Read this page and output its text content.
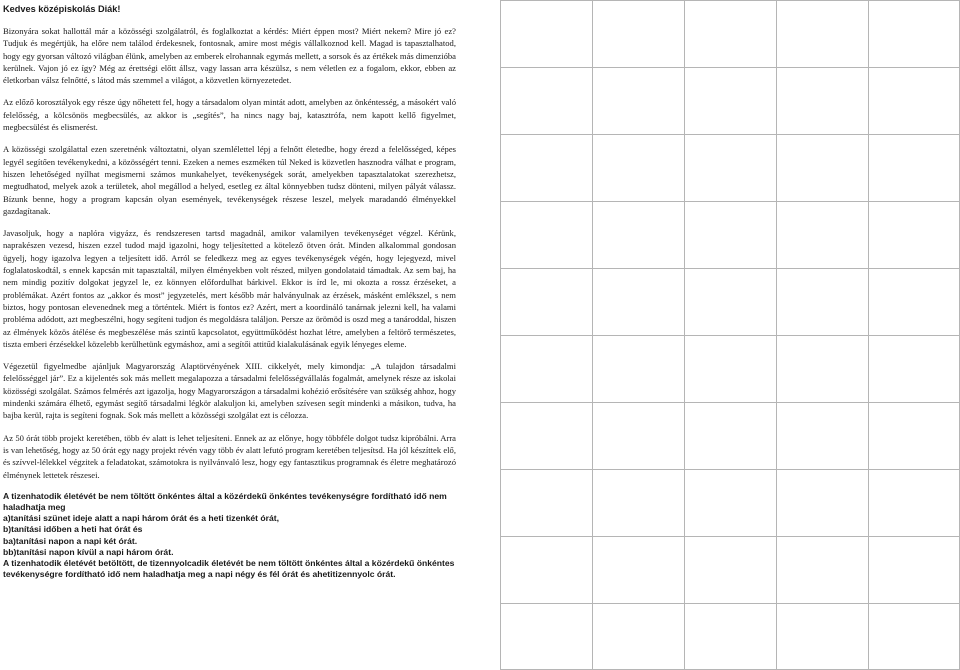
Kedves középiskolás Diák!

Bizonyára sokat hallottál már a közösségi szolgálatról, és foglalkoztat a kérdés: Miért éppen most? Miért nekem? Mire jó ez? Tudjuk és megértjük, ha előre nem találod érdekesnek, fontosnak, amire most mégis vállalkoznod kell. Magad is tapasztalhatod, hogy egy gyorsan változó világban élünk, amelyben az emberek elrohannak egymás mellett, a sorsok és az értékek más dimenzióba kerülnek. Vajon jó ez így? Még az érettségi előtt állsz, vagy lassan arra készülsz, s nem véletlen ez a fogalom, ekkor, ebben az életkorban válsz felnőtté, s látod más szemmel a világot, a közvetlen környezetedet.

Az előző korosztályok egy része úgy nőhetett fel, hogy a társadalom olyan mintát adott, amelyben az önkéntesség, a másokért való felelősség, a kölcsönös megbecsülés, az akkor is „segítés”, ha nincs nagy baj, katasztrófa, nem kapott kellő figyelmet, megbecsülést és elismerést.

A közösségi szolgálattal ezen szeretnénk változtatni, olyan szemlélettel lépj a felnőtt életedbe, hogy érezd a felelősséged, képes legyél segítően tevékenykedni, a közösségért tenni. Ezeken a nemes eszméken túl Neked is közvetlen hasznodra válhat e program, hiszen lehetőséged nyílhat megismerni számos munkahelyet, tevékenységek sorát, amelyekben tapasztalatokat szerezhetsz, megtudhatod, melyek azok a területek, ahol megállod a helyed, esetleg ez által könnyebben tudsz dönteni, milyen pályát válassz. Bízunk benne, hogy a program kapcsán olyan események, tevékenységek részese leszel, melyek maradandó élményekkel gazdagítanak.

Javasoljuk, hogy a naplóra vigyázz, és rendszeresen tartsd magadnál, amikor valamilyen tevékenységet végzel. Kérünk, naprakészen vezesd, hiszen ezzel tudod majd igazolni, hogy teljesítetted a kötelező ötven órát. Minden alkalommal gondosan ügyelj, hogy igazolva legyen a teljesített idő. Arról se feledkezz meg az egyes tevékenységek végén, hogy lejegyezd, mivel foglalatoskodtál, s ennek kapcsán mit tapasztaltál, milyen élményekben volt részed, milyen gondolataid támadtak. Az sem baj, ha nem mindig pozitív dolgokat jegyzel le, ez könnyen előfordulhat bárkivel. Ekkor is írd le, mi okozta a rossz érzéseket, a problémákat. Azért fontos az „akkor és most” jegyzetelés, mert később már halványulnak az érzések, másként emlékszel, s nem biztos, hogy pontosan elevenednek meg a történtek. Miért is fontos ez? Azért, mert a koordináló tanárnak jelezni kell, ha valami probléma adódott, azt megbeszélni, hogy segíteni tudjon és megoldásra találjon. Persze az örömöd is oszd meg a tanároddal, hiszen az élmények közös átélése és megbeszélése más szintű kapcsolatot, együttműködést hozhat létre, amelyben a feltörő természetes, tiszta emberi érzésekkel közelebb kerülhetünk egymáshoz, ami a segítői attitűd kialakulásának egyik lényeges eleme.

Végezetül figyelmedbe ajánljuk Magyarország Alaptörvényének XIII. cikkelyét, mely kimondja: „A tulajdon társadalmi felelősséggel jár”. Ez a kijelentés sok más mellett megalapozza a társadalmi felelősségvállalás fogalmát, amelynek része az iskolai közösségi szolgálat. Számos felmérés azt igazolja, hogy Magyarországon a társadalmi kohézió erősítésére van szükség ahhoz, hogy mindenki számára élhető, egymást segítő társadalmi légkör alakuljon ki, amelyben szívesen segít mindenki a másikon, tudva, ha bajba kerül, rajta is segíteni fognak. Sok más mellett a közösségi szolgálat ezt is célozza.

Az 50 órát több projekt keretében, több év alatt is lehet teljesíteni. Ennek az az előnye, hogy többféle dolgot tudsz kipróbálni. Arra is van lehetőség, hogy az 50 órát egy nagy projekt révén vagy több év alatt lefutó program keretében teljesítsd. Ha jól készíttek elő, és szívvel-lélekkel végzitek a feladatokat, számotokra is nyilvánvaló lesz, hogy egy fantasztikus programnak és életre meghatározó élménynek lettetek részesei.

A tizenhatodik életévét be nem töltött önkéntes által a közérdekű önkéntes tevékenységre fordítható idő nem haladhatja meg

a)tanítási szünet ideje alatt a napi három órát és a heti tizenkét órát,

b)tanítási időben a heti hat órát és

ba)tanítási napon a napi két órát.

bb)tanítási napon kívül a napi három órát.

A tizenhatodik életévét betöltött, de tizennyolcadik életévét be nem töltött önkéntes által a közérdekű önkéntes tevékenységre fordítható idő nem haladhatja meg a napi négy és fél órát és ahetitizennyolc órát.
